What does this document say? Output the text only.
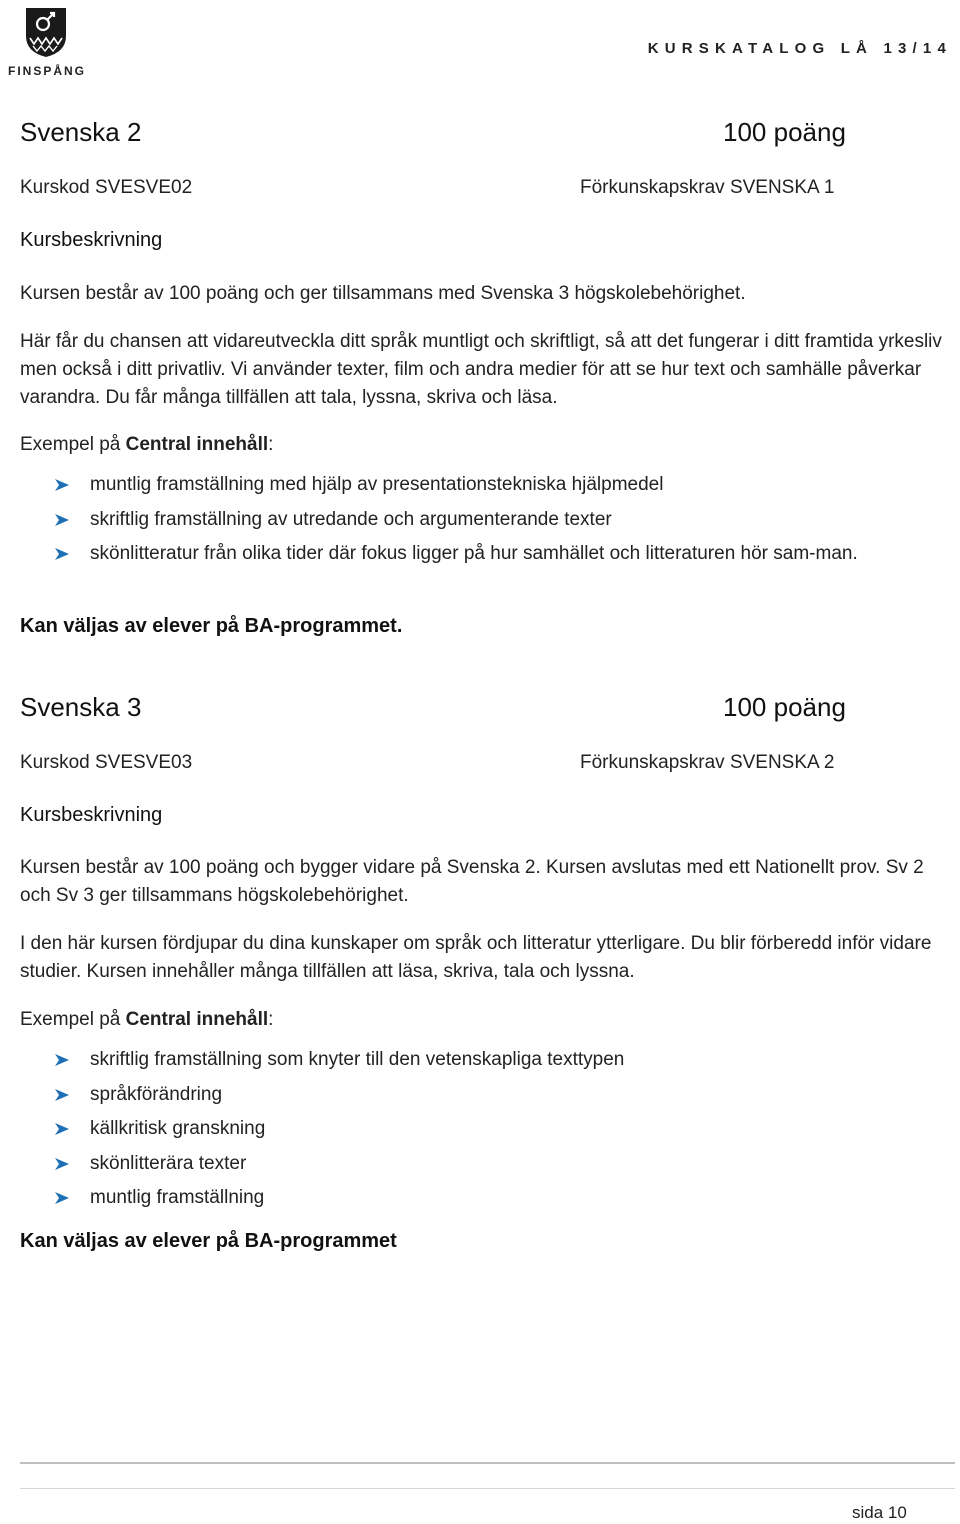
FINSPÅNG
KURSKATALOG LÅ 13/14
Svenska 2	100 poäng
Kurskod SVESVE02	Förkunskapskrav SVENSKA 1
Kursbeskrivning

Kursen består av 100 poäng och ger tillsammans med Svenska 3 högskolebehörighet.

Här får du chansen att vidareutveckla ditt språk muntligt och skriftligt, så att det fungerar i ditt framtida yrkesliv men också i ditt privatliv. Vi använder texter, film och andra medier för att se hur text och samhälle påverkar varandra. Du får många tillfällen att tala, lyssna, skriva och läsa.

Exempel på Central innehåll:
muntlig framställning med hjälp av presentationstekniska hjälpmedel
skriftlig framställning av utredande och argumenterande texter
skönlitteratur från olika tider där fokus ligger på hur samhället och litteraturen hör sam-man.
Kan väljas av elever på BA-programmet.
Svenska 3	100 poäng
Kurskod SVESVE03	Förkunskapskrav SVENSKA 2
Kursbeskrivning

Kursen består av 100 poäng och bygger vidare på Svenska 2. Kursen avslutas med ett Nationellt prov. Sv 2 och Sv 3 ger tillsammans högskolebehörighet.

I den här kursen fördjupar du dina kunskaper om språk och litteratur ytterligare. Du blir förberedd inför vidare studier. Kursen innehåller många tillfällen att läsa, skriva, tala och lyssna.

Exempel på Central innehåll:
skriftlig framställning som knyter till den vetenskapliga texttypen
språkförändring
källkritisk granskning
skönlitterära texter
muntlig framställning
Kan väljas av elever på BA-programmet
sida 10
